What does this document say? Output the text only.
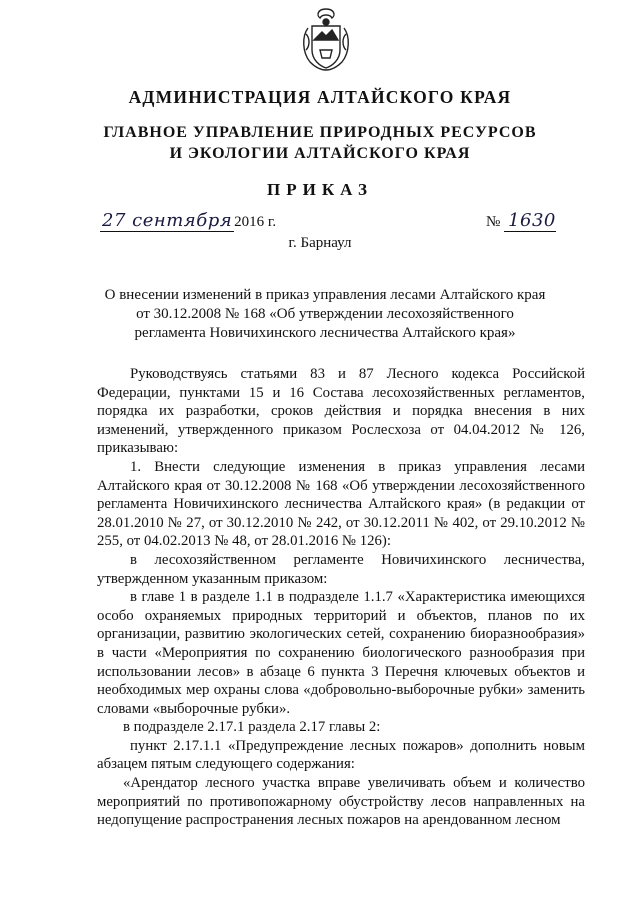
АДМИНИСТРАЦИЯ АЛТАЙСКОГО КРАЯ
ГЛАВНОЕ УПРАВЛЕНИЕ ПРИРОДНЫХ РЕСУРСОВ
И ЭКОЛОГИИ АЛТАЙСКОГО КРАЯ
ПРИКАЗ
27 сентября 2016 г.	№ 1630
г. Барнаул
О внесении изменений в приказ управления лесами Алтайского края
от 30.12.2008 № 168 «Об утверждении лесохозяйственного
регламента Новичихинского лесничества Алтайского края»

Руководствуясь статьями 83 и 87 Лесного кодекса Российской Федерации, пунктами 15 и 16 Состава лесохозяйственных регламентов, порядка их разработки, сроков действия и порядка внесения в них изменений, утвержденного приказом Рослесхоза от 04.04.2012 № 126, приказываю:

1. Внести следующие изменения в приказ управления лесами Алтайского края от 30.12.2008 № 168 «Об утверждении лесохозяйственного регламента Новичихинского лесничества Алтайского края» (в редакции от 28.01.2010 № 27, от 30.12.2010 № 242, от 30.12.2011 № 402, от 29.10.2012 № 255, от 04.02.2013 № 48, от 28.01.2016 № 126):

в лесохозяйственном регламенте Новичихинского лесничества, утвержденном указанным приказом:

в главе 1 в разделе 1.1 в подразделе 1.1.7 «Характеристика имеющихся особо охраняемых природных территорий и объектов, планов по их организации, развитию экологических сетей, сохранению биоразнообразия» в части «Мероприятия по сохранению биологического разнообразия при использовании лесов» в абзаце 6 пункта 3 Перечня ключевых объектов и необходимых мер охраны слова «добровольно-выборочные рубки» заменить словами «выборочные рубки».

в подразделе 2.17.1 раздела 2.17 главы 2:

пункт 2.17.1.1 «Предупреждение лесных пожаров» дополнить новым абзацем пятым следующего содержания:

«Арендатор лесного участка вправе увеличивать объем и количество мероприятий по противопожарному обустройству лесов направленных на недопущение распространения лесных пожаров на арендованном лесном
